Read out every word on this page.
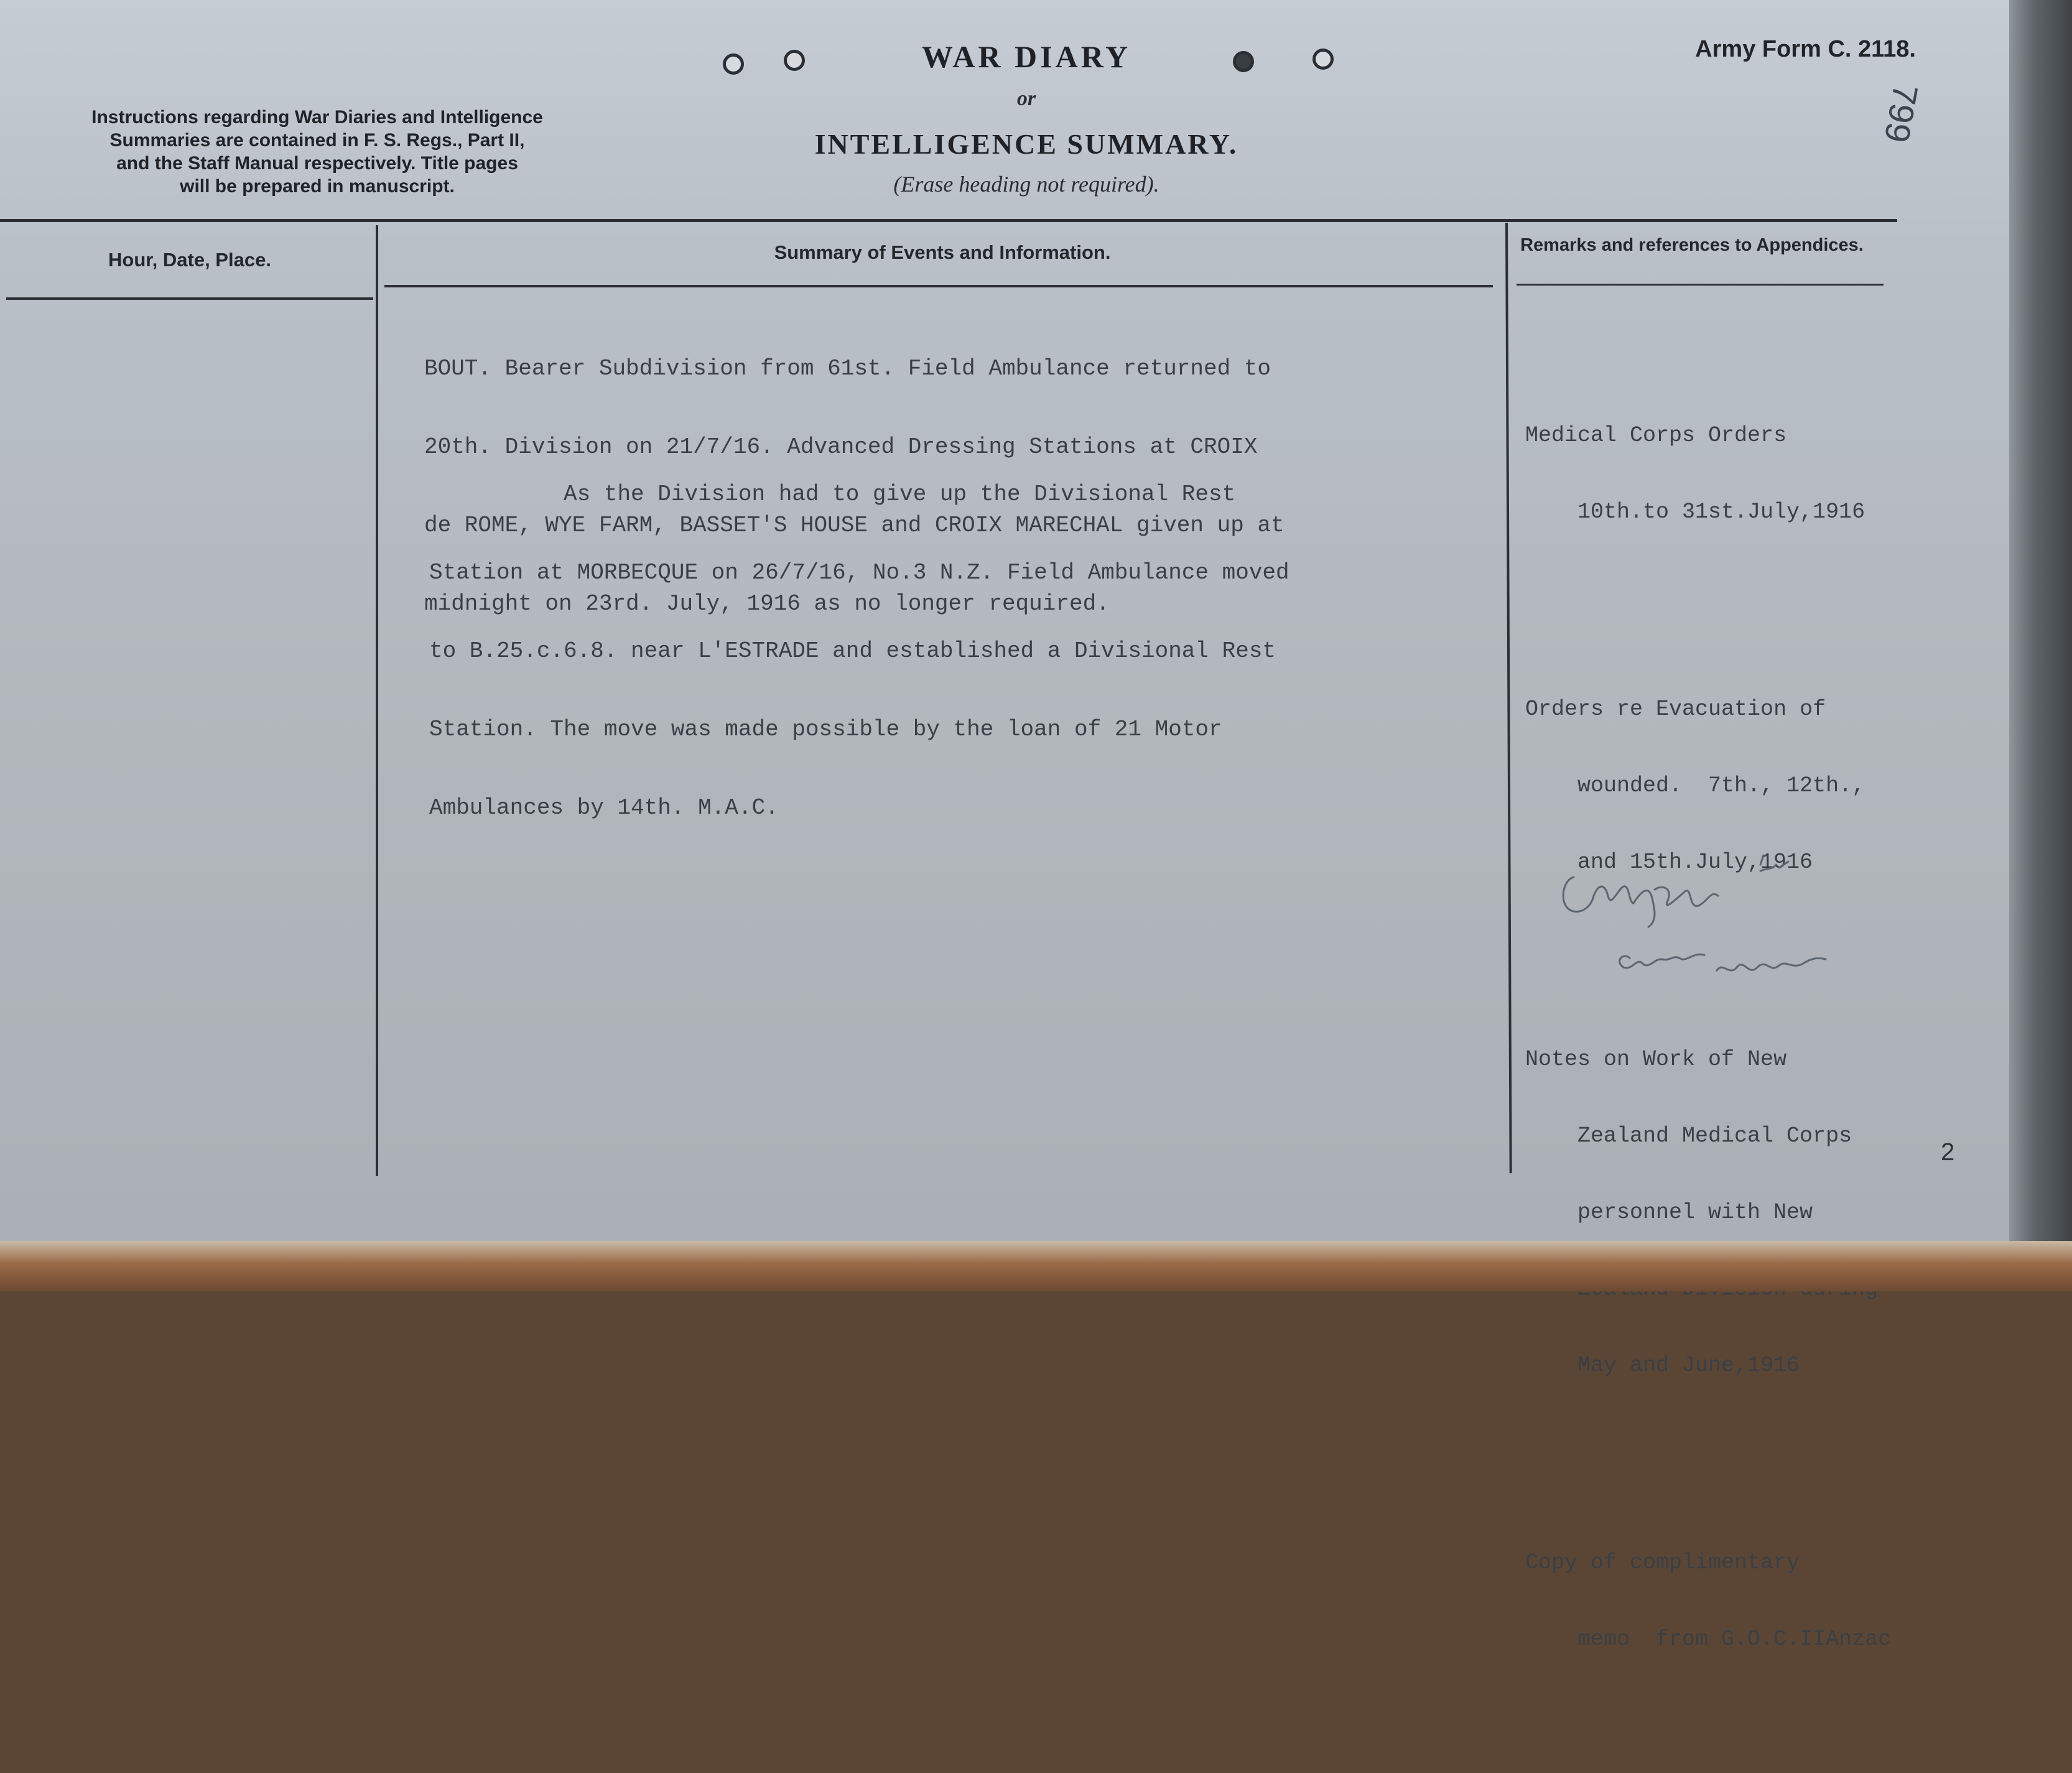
Instructions regarding War Diaries and Intelligence
Summaries are contained in F. S. Regs., Part II,
and the Staff Manual respectively. Title pages
will be prepared in manuscript.
WAR DIARY
or
INTELLIGENCE SUMMARY.
(Erase heading not required).
Army Form C. 2118.
799
Hour, Date, Place.	Summary of Events and Information.	Remarks and references to Appendices.

BOUT. Bearer Subdivision from 61st. Field Ambulance returned to

20th. Division on 21/7/16. Advanced Dressing Stations at CROIX

de ROME, WYE FARM, BASSET'S HOUSE and CROIX MARECHAL given up at

midnight on 23rd. July, 1916 as no longer required.

As the Division had to give up the Divisional Rest

Station at MORBECQUE on 26/7/16, No.3 N.Z. Field Ambulance moved

to B.25.c.6.8. near L'ESTRADE and established a Divisional Rest

Station. The move was made possible by the loan of 21 Motor

Ambulances by 14th. M.A.C.

Medical Corps Orders

10th.to 31st.July,1916

Orders re Evacuation of

wounded.  7th., 12th.,

and 15th.July,1916

Notes on Work of New

Zealand Medical Corps

personnel with New

May and June,1916

Copy of complimentary

memo  from G.O.C.IIAnzac

2
